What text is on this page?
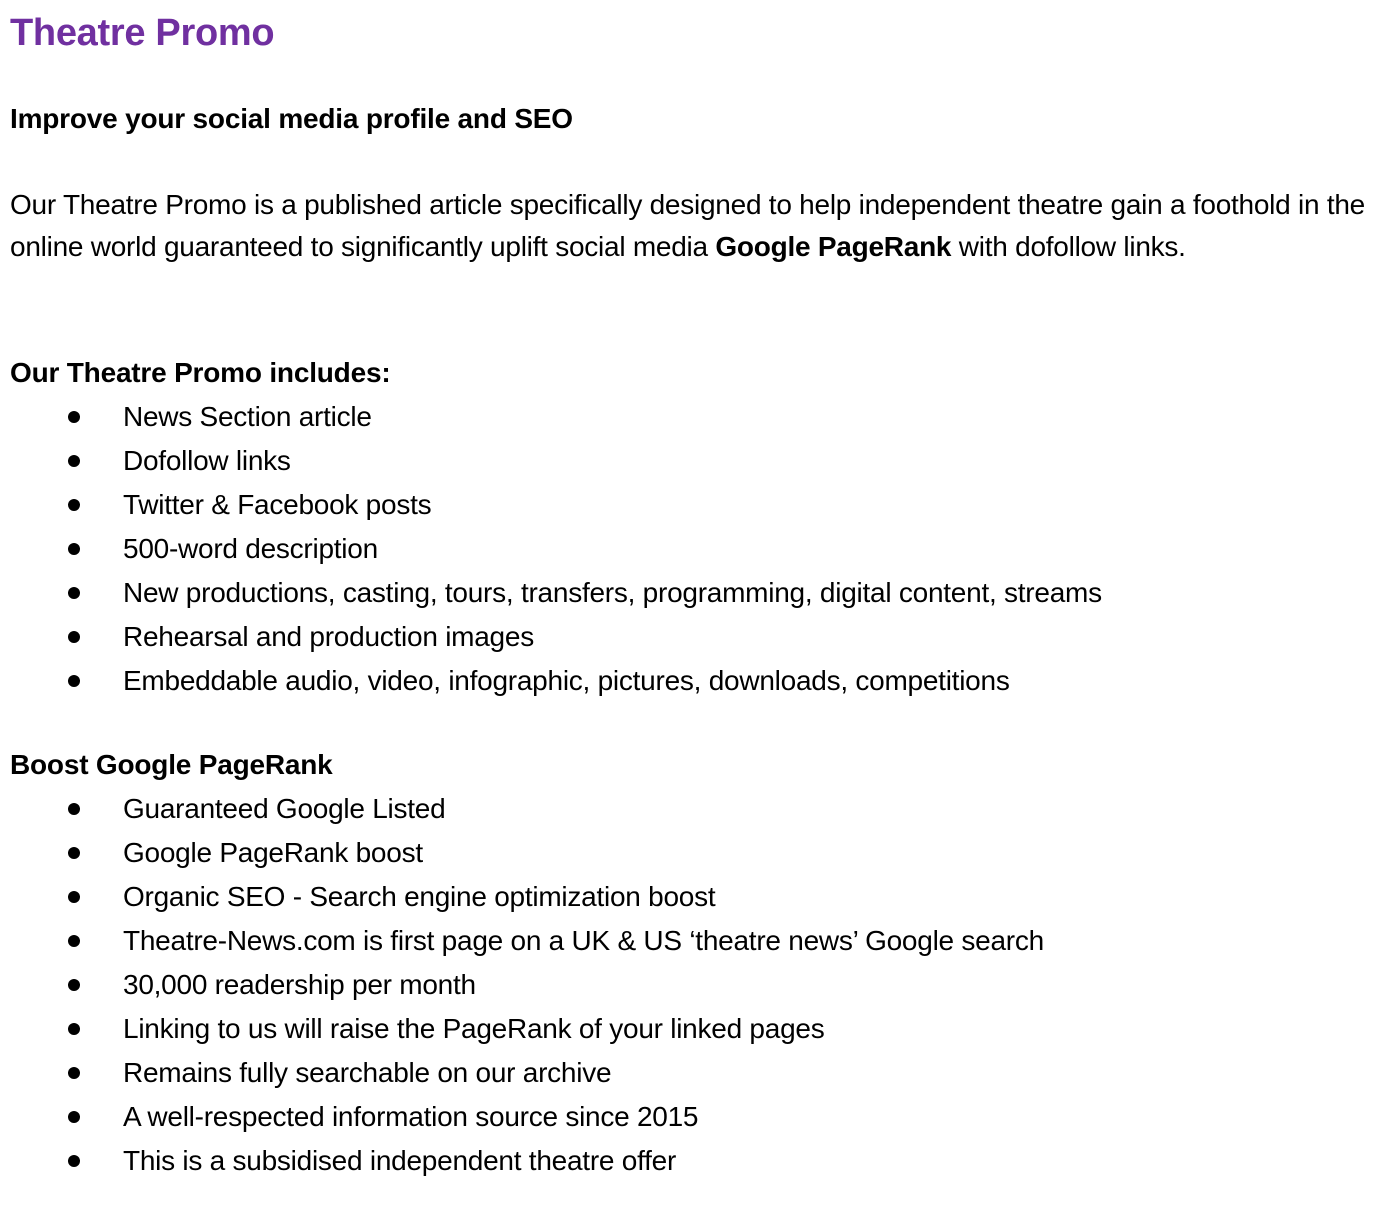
Theatre Promo
Improve your social media profile and SEO

Our Theatre Promo is a published article specifically designed to help independent theatre gain a foothold in the online world guaranteed to significantly uplift social media Google PageRank with dofollow links.

Our Theatre Promo includes:
News Section article
Dofollow links
Twitter & Facebook posts
500-word description
New productions, casting, tours, transfers, programming, digital content, streams
Rehearsal and production images
Embeddable audio, video, infographic, pictures, downloads, competitions
Boost Google PageRank
Guaranteed Google Listed
Google PageRank boost
Organic SEO - Search engine optimization boost
Theatre-News.com is first page on a UK & US ‘theatre news’ Google search
30,000 readership per month
Linking to us will raise the PageRank of your linked pages
Remains fully searchable on our archive
A well-respected information source since 2015
This is a subsidised independent theatre offer
